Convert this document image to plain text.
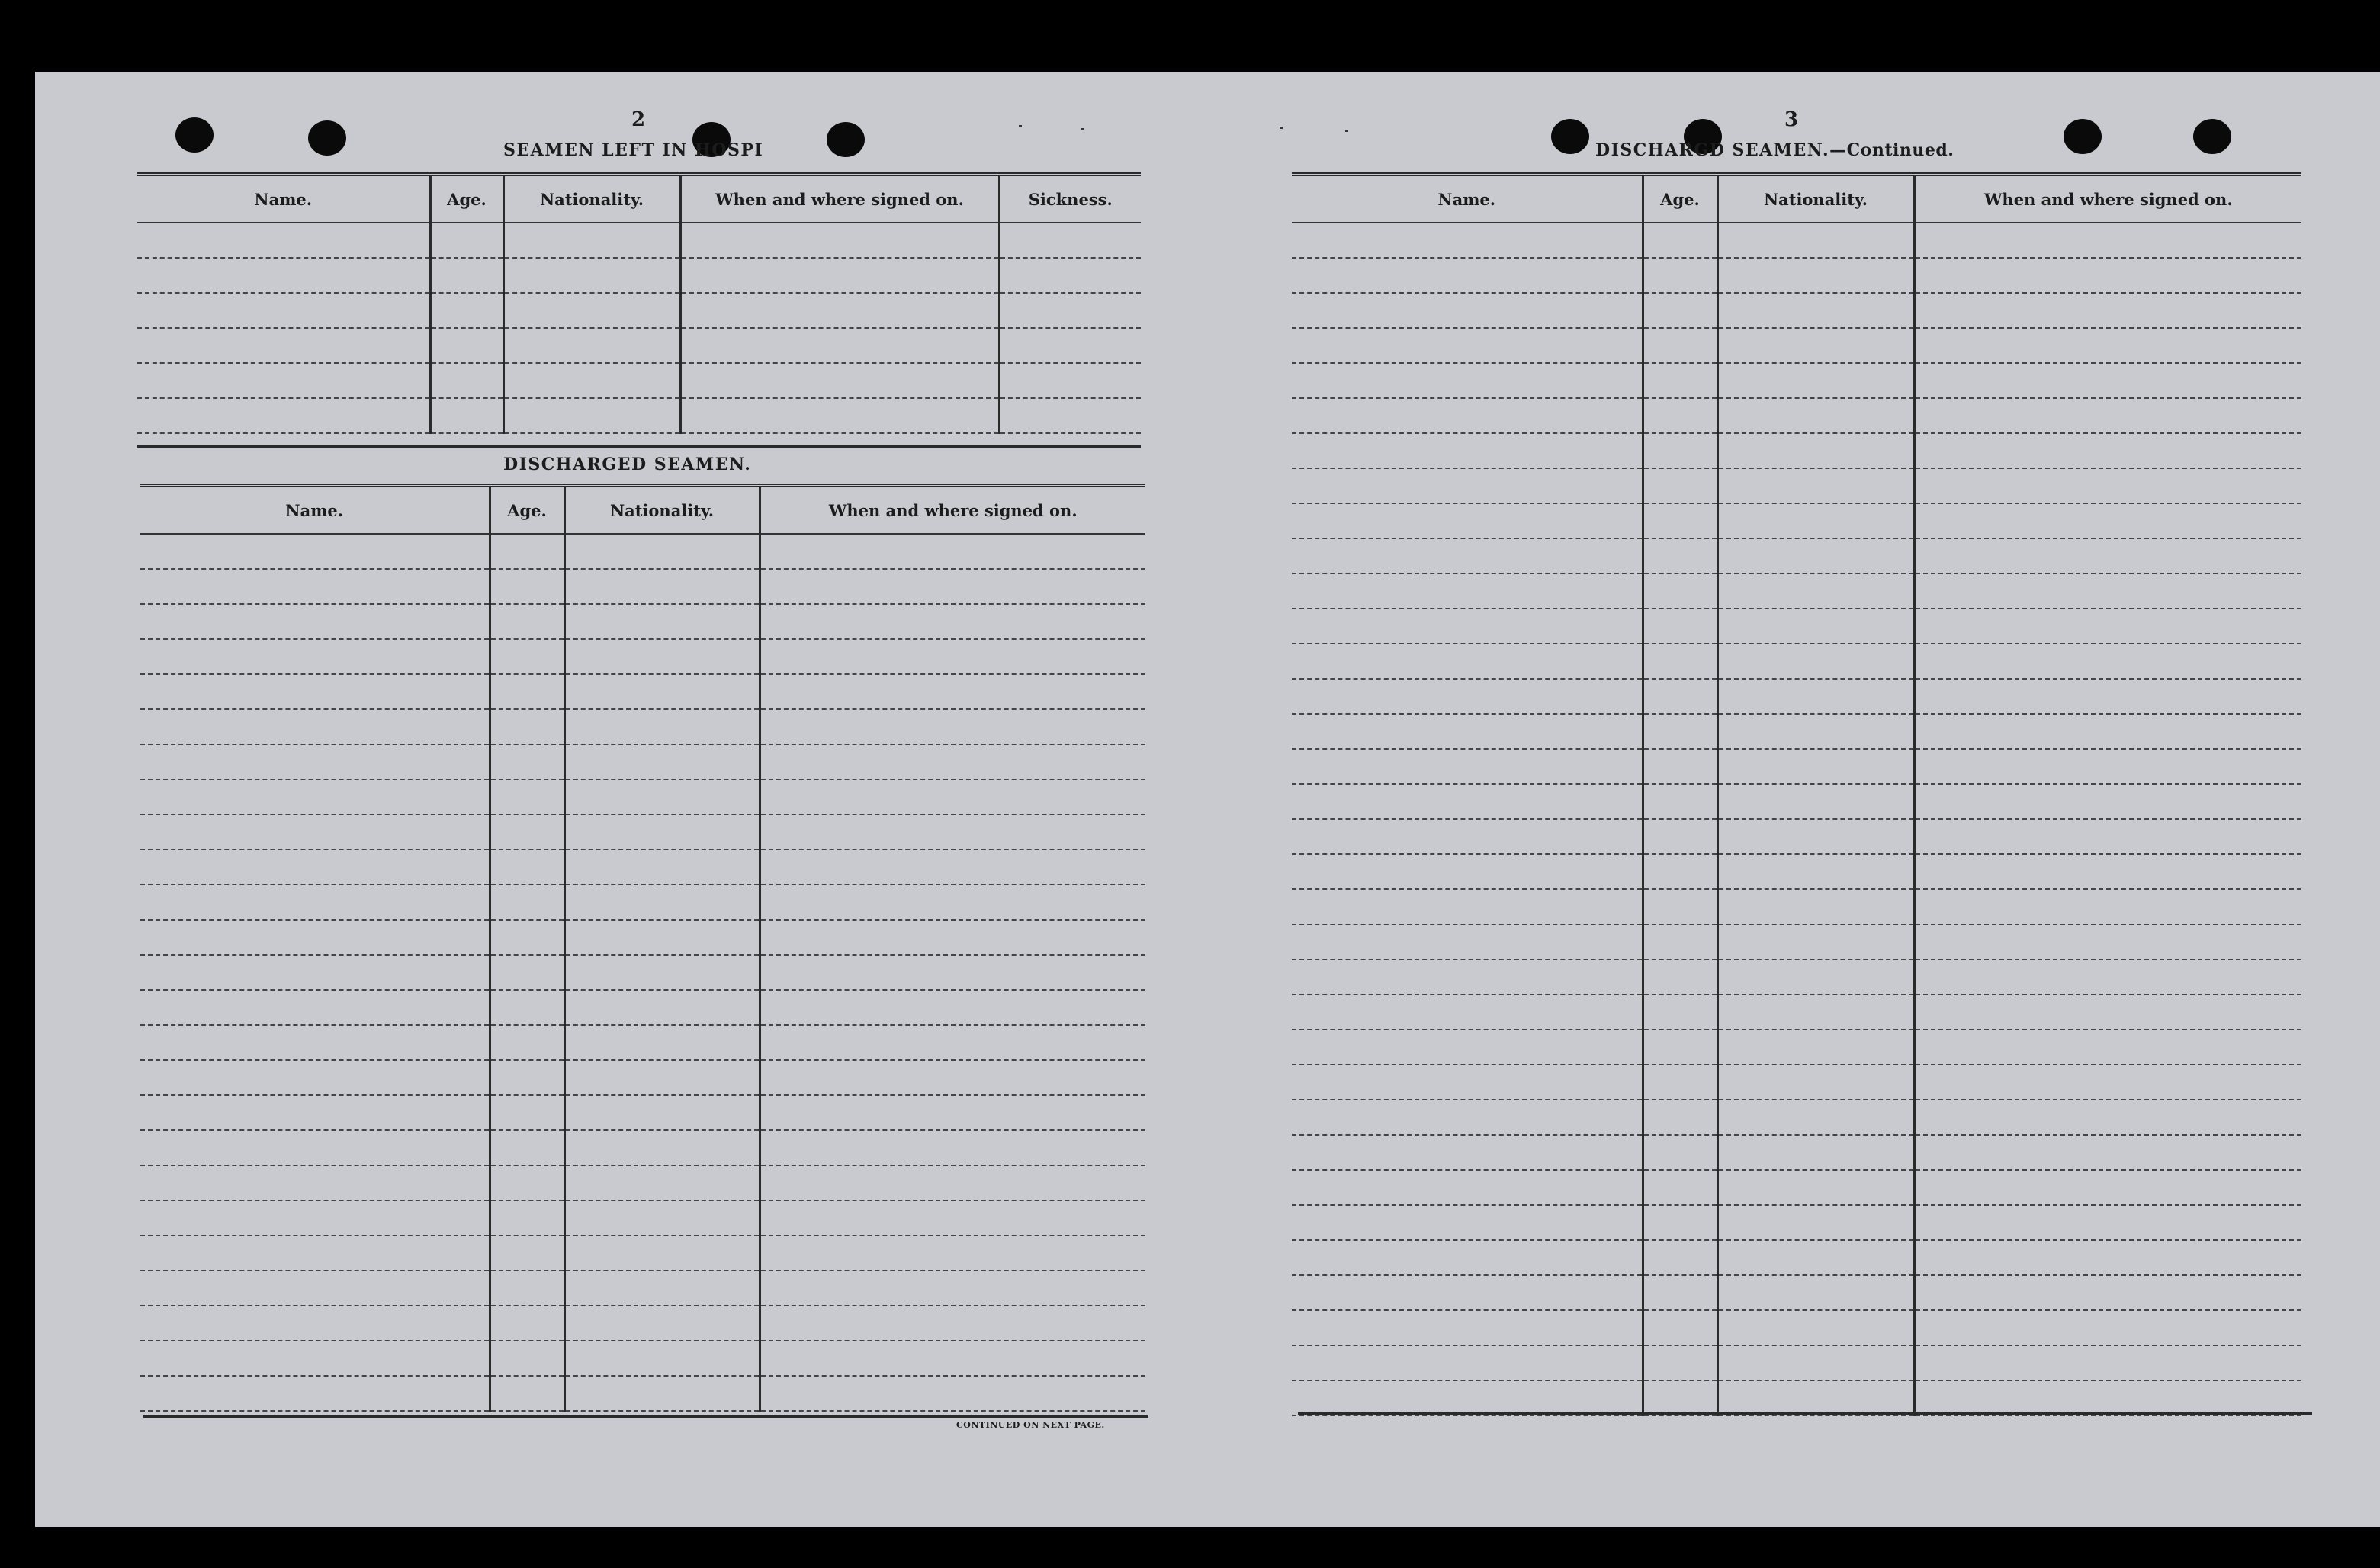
2
SEAMEN LEFT IN HOSPI
Name.	Age.	Nationality.	When and where signed on.	Sickness.

DISCHARGED SEAMEN.
Name.	Age.	Nationality.	When and where signed on.

CONTINUED ON NEXT PAGE.
3
DISCHARGD SEAMEN.—Continued.
Name.	Age.	Nationality.	When and where signed on.
